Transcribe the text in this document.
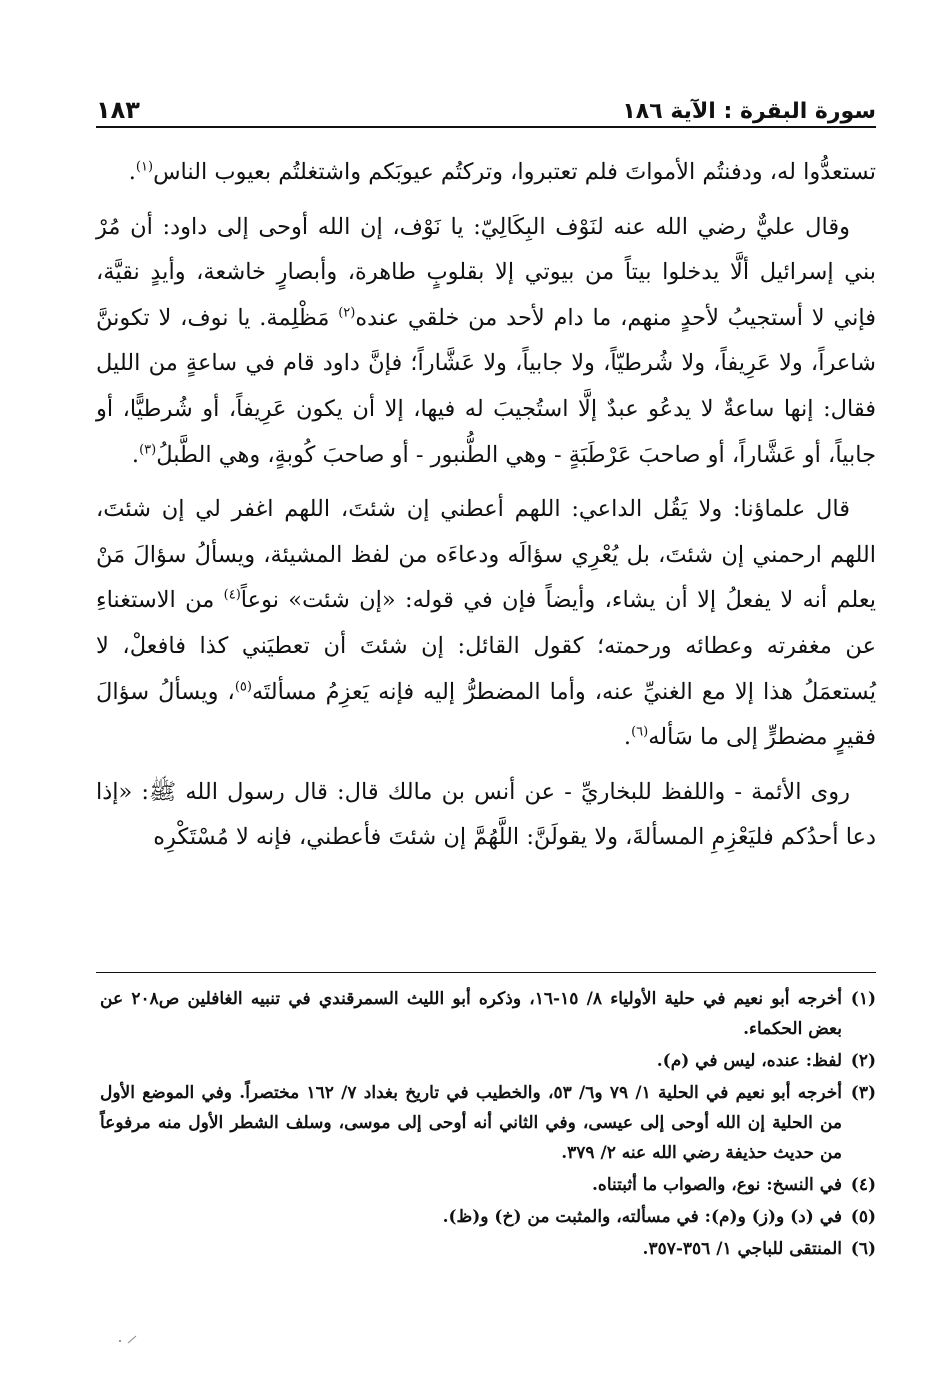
سورة البقرة : الآية ١٨٦
١٨٣

تستعدُّوا له، ودفنتُم الأمواتَ فلم تعتبروا، وتركتُم عيوبَكم واشتغلتُم بعيوب الناس$^{(١)}$.

وقال عليٌّ رضي الله عنه لنَوْف البِكَالِيّ: يا نَوْف، إن الله أوحى إلى داود: أن مُرْ بني إسرائيل ألَّا يدخلوا بيتاً من بيوتي إلا بقلوبٍ طاهرة، وأبصارٍ خاشعة، وأيدٍ نقيَّة، فإني لا أستجيبُ لأحدٍ منهم، ما دام لأحد من خلقي عنده$^{(٢)}$ مَظْلِمة. يا نوف، لا تكوننَّ شاعراً، ولا عَرِيفاً، ولا شُرطيّاً، ولا جابياً، ولا عَشَّاراً؛ فإنَّ داود قام في ساعةٍ من الليل فقال: إنها ساعةٌ لا يدعُو عبدٌ إلَّا استُجيبَ له فيها، إلا أن يكون عَرِيفاً، أو شُرطيًّا، أو جابياً، أو عَشَّاراً، أو صاحبَ عَرْطَبَةٍ - وهي الطُّنبور - أو صاحبَ كُوبةٍ، وهي الطَّبلُ$^{(٣)}$.

قال علماؤنا: ولا يَقُل الداعي: اللهم أعطني إن شئتَ، اللهم اغفر لي إن شئتَ، اللهم ارحمني إن شئتَ، بل يُعْرِي سؤالَه ودعاءَه من لفظ المشيئة، ويسألُ سؤالَ مَنْ يعلم أنه لا يفعلُ إلا أن يشاء، وأيضاً فإن في قوله: «إن شئت» نوعاً$^{(٤)}$ من الاستغناءِ عن مغفرته وعطائه ورحمته؛ كقول القائل: إن شئتَ أن تعطيَني كذا فافعلْ، لا يُستعمَلُ هذا إلا مع الغنيِّ عنه، وأما المضطرُّ إليه فإنه يَعزِمُ مسألتَه$^{(٥)}$، ويسألُ سؤالَ فقيرٍ مضطرٍّ إلى ما سَأله$^{(٦)}$.

روى الأئمة - واللفظ للبخاريِّ - عن أنس بن مالك قال: قال رسول الله ﷺ: «إذا دعا أحدُكم فليَعْزِمِ المسألةَ، ولا يقولَنَّ: اللَّهُمَّ إن شئتَ فأعطني، فإنه لا مُسْتَكْرِه

(١)
أخرجه أبو نعيم في حلية الأولياء ٨/ ١٥-١٦، وذكره أبو الليث السمرقندي في تنبيه الغافلين ص٢٠٨ عن بعض الحكماء.
(٢)
لفظ: عنده، ليس في (م).
(٣)
أخرجه أبو نعيم في الحلية ١/ ٧٩ و٦/ ٥٣، والخطيب في تاريخ بغداد ٧/ ١٦٢ مختصراً. وفي الموضع الأول من الحلية إن الله أوحى إلى عيسى، وفي الثاني أنه أوحى إلى موسى، وسلف الشطر الأول منه مرفوعاً من حديث حذيفة رضي الله عنه ٢/ ٣٧٩.
(٤)
في النسخ: نوع، والصواب ما أثبتناه.
(٥)
في (د) و(ز) و(م): في مسألته، والمثبت من (خ) و(ظ).
(٦)
المنتقى للباجي ١/ ٣٥٦-٣٥٧.
